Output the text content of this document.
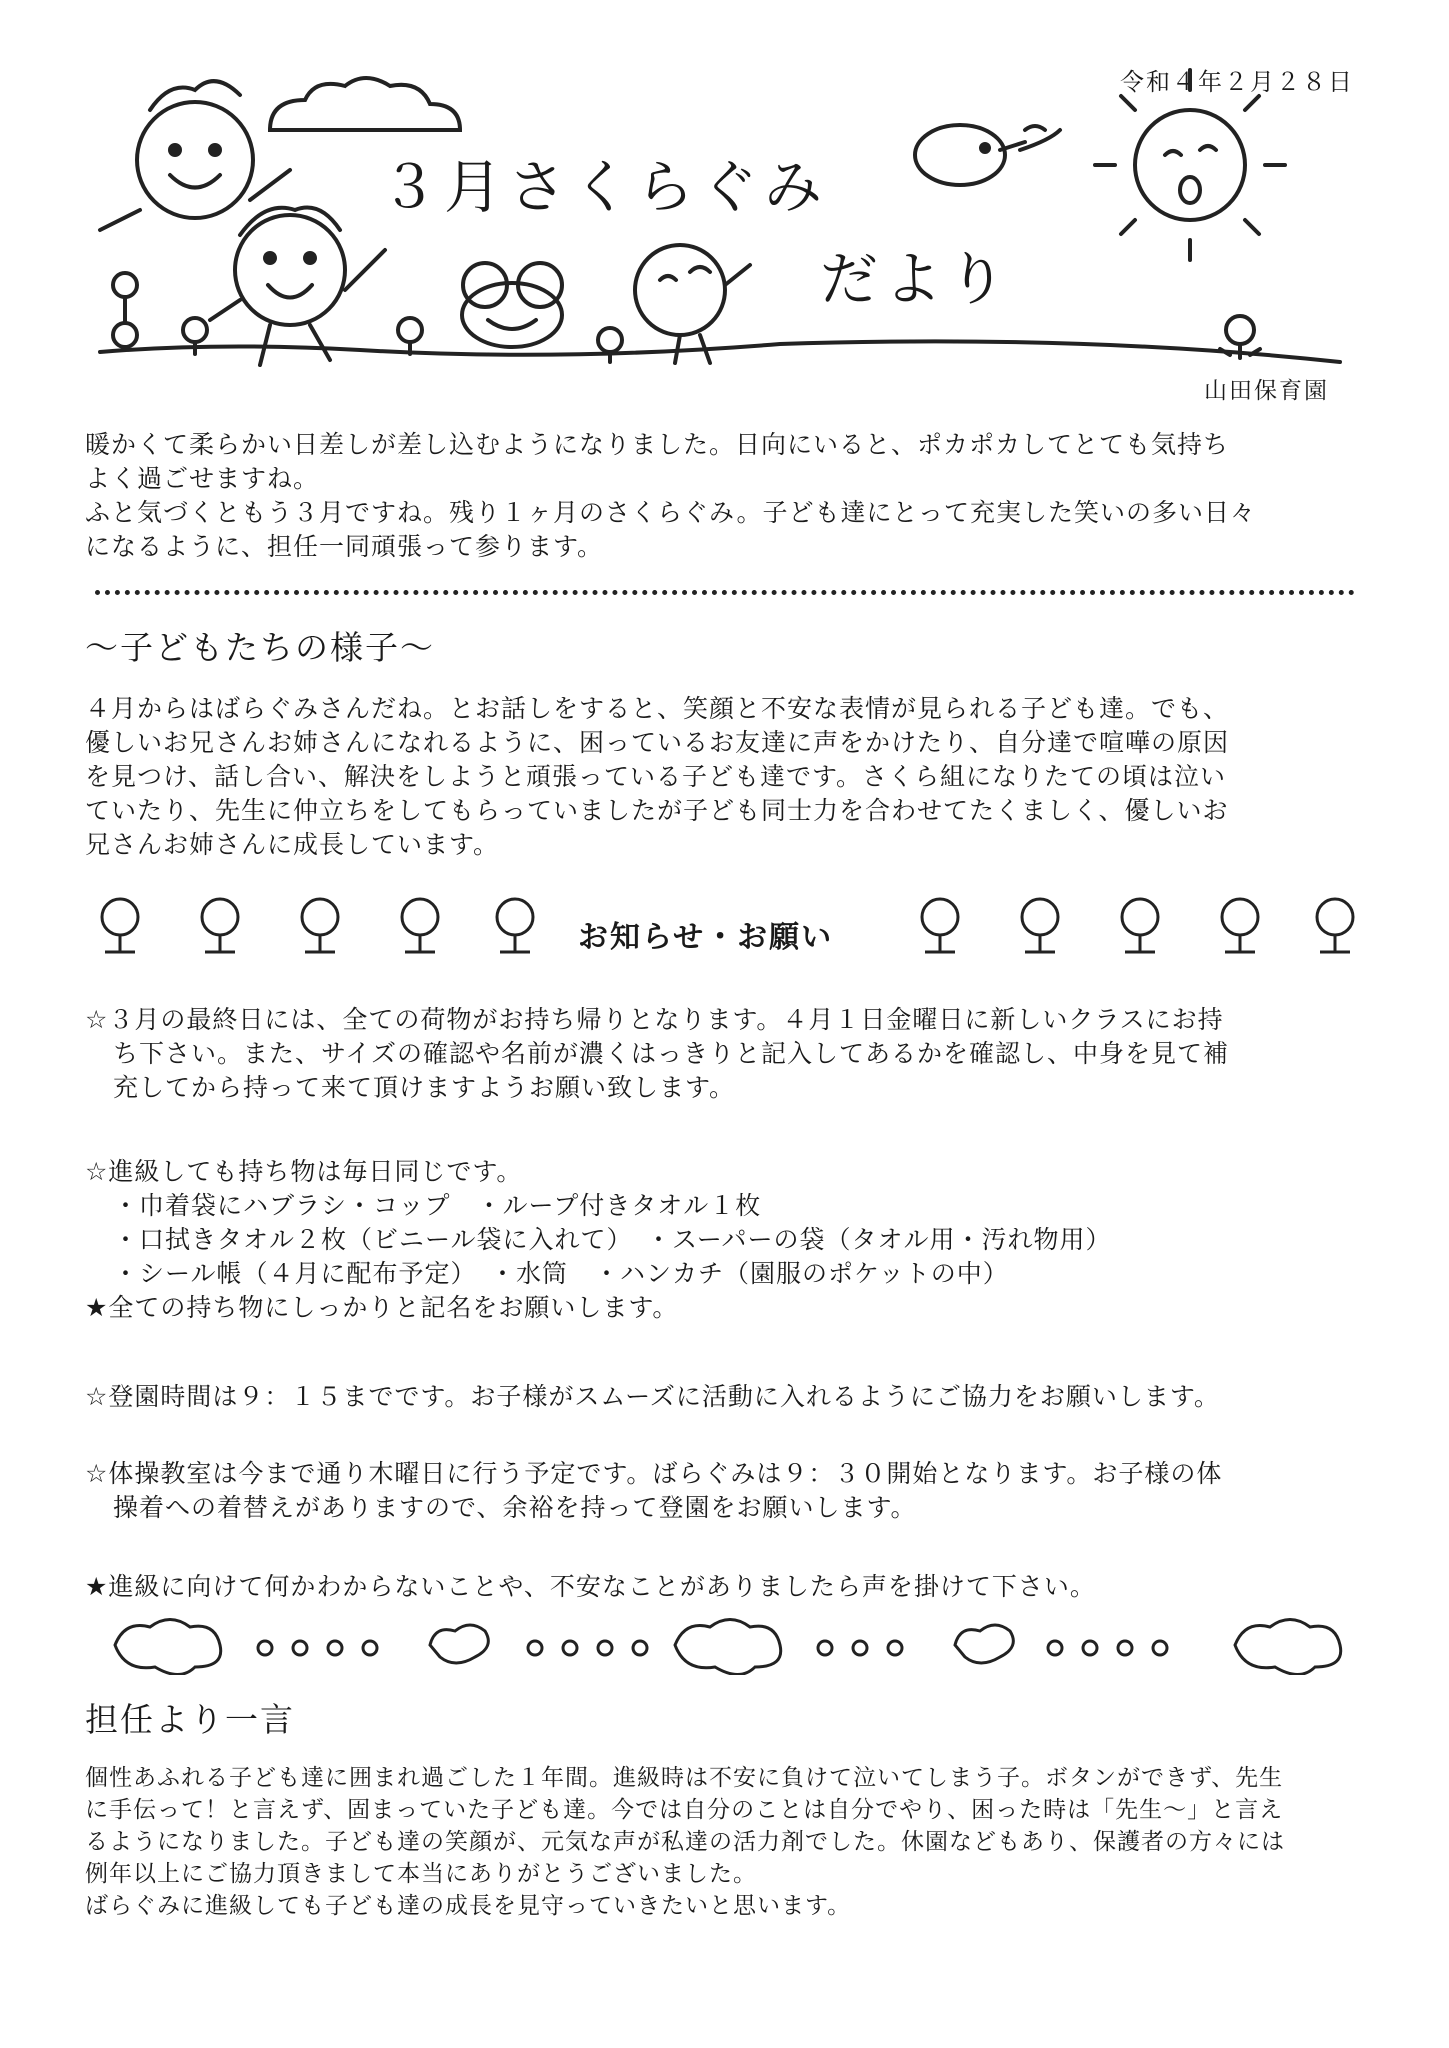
令和４年２月２８日
３月さくらぐみ
だより
山田保育園
暖かくて柔らかい日差しが差し込むようになりました。日向にいると、ポカポカしてとても気持ち
よく過ごせますね。
ふと気づくともう３月ですね。残り１ヶ月のさくらぐみ。子ども達にとって充実した笑いの多い日々
になるように、担任一同頑張って参ります。
～子どもたちの様子～
４月からはばらぐみさんだね。とお話しをすると、笑顔と不安な表情が見られる子ども達。でも、
優しいお兄さんお姉さんになれるように、困っているお友達に声をかけたり、自分達で喧嘩の原因
を見つけ、話し合い、解決をしようと頑張っている子ども達です。さくら組になりたての頃は泣い
ていたり、先生に仲立ちをしてもらっていましたが子ども同士力を合わせてたくましく、優しいお
兄さんお姉さんに成長しています。
お知らせ・お願い
☆３月の最終日には、全ての荷物がお持ち帰りとなります。４月１日金曜日に新しいクラスにお持
ち下さい。また、サイズの確認や名前が濃くはっきりと記入してあるかを確認し、中身を見て補
充してから持って来て頂けますようお願い致します。
☆進級しても持ち物は毎日同じです。
・巾着袋にハブラシ・コップ　・ループ付きタオル１枚
・口拭きタオル２枚（ビニール袋に入れて）　・スーパーの袋（タオル用・汚れ物用）
・シール帳（４月に配布予定）　・水筒　・ハンカチ（園服のポケットの中）
★全ての持ち物にしっかりと記名をお願いします。
☆登園時間は９：１５までです。お子様がスムーズに活動に入れるようにご協力をお願いします。
☆体操教室は今まで通り木曜日に行う予定です。ばらぐみは９：３０開始となります。お子様の体
操着への着替えがありますので、余裕を持って登園をお願いします。
★進級に向けて何かわからないことや、不安なことがありましたら声を掛けて下さい。
担任より一言
個性あふれる子ども達に囲まれ過ごした１年間。進級時は不安に負けて泣いてしまう子。ボタンができず、先生
に手伝って！と言えず、固まっていた子ども達。今では自分のことは自分でやり、困った時は「先生～」と言え
るようになりました。子ども達の笑顔が、元気な声が私達の活力剤でした。休園などもあり、保護者の方々には
例年以上にご協力頂きまして本当にありがとうございました。
ばらぐみに進級しても子ども達の成長を見守っていきたいと思います。
